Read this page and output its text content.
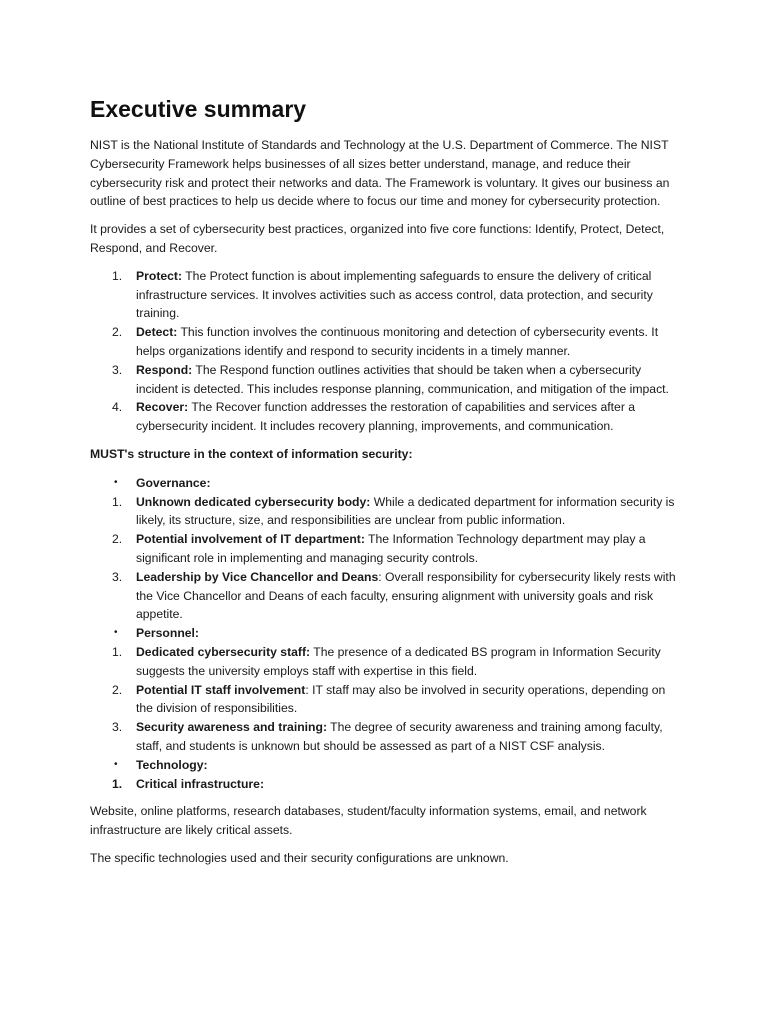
Executive summary

NIST is the National Institute of Standards and Technology at the U.S. Department of Commerce. The NIST Cybersecurity Framework helps businesses of all sizes better understand, manage, and reduce their cybersecurity risk and protect their networks and data. The Framework is voluntary. It gives our business an outline of best practices to help us decide where to focus our time and money for cybersecurity protection.

It provides a set of cybersecurity best practices, organized into five core functions: Identify, Protect, Detect, Respond, and Recover.

1. Protect: The Protect function is about implementing safeguards to ensure the delivery of critical infrastructure services. It involves activities such as access control, data protection, and security training.
2. Detect: This function involves the continuous monitoring and detection of cybersecurity events. It helps organizations identify and respond to security incidents in a timely manner.
3. Respond: The Respond function outlines activities that should be taken when a cybersecurity incident is detected. This includes response planning, communication, and mitigation of the impact.
4. Recover: The Recover function addresses the restoration of capabilities and services after a cybersecurity incident. It includes recovery planning, improvements, and communication.

MUST's structure in the context of information security:

• Governance:
1. Unknown dedicated cybersecurity body: While a dedicated department for information security is likely, its structure, size, and responsibilities are unclear from public information.
2. Potential involvement of IT department: The Information Technology department may play a significant role in implementing and managing security controls.
3. Leadership by Vice Chancellor and Deans: Overall responsibility for cybersecurity likely rests with the Vice Chancellor and Deans of each faculty, ensuring alignment with university goals and risk appetite.
• Personnel:
1. Dedicated cybersecurity staff: The presence of a dedicated BS program in Information Security suggests the university employs staff with expertise in this field.
2. Potential IT staff involvement: IT staff may also be involved in security operations, depending on the division of responsibilities.
3. Security awareness and training: The degree of security awareness and training among faculty, staff, and students is unknown but should be assessed as part of a NIST CSF analysis.
• Technology:
1. Critical infrastructure:

Website, online platforms, research databases, student/faculty information systems, email, and network infrastructure are likely critical assets.

The specific technologies used and their security configurations are unknown.
